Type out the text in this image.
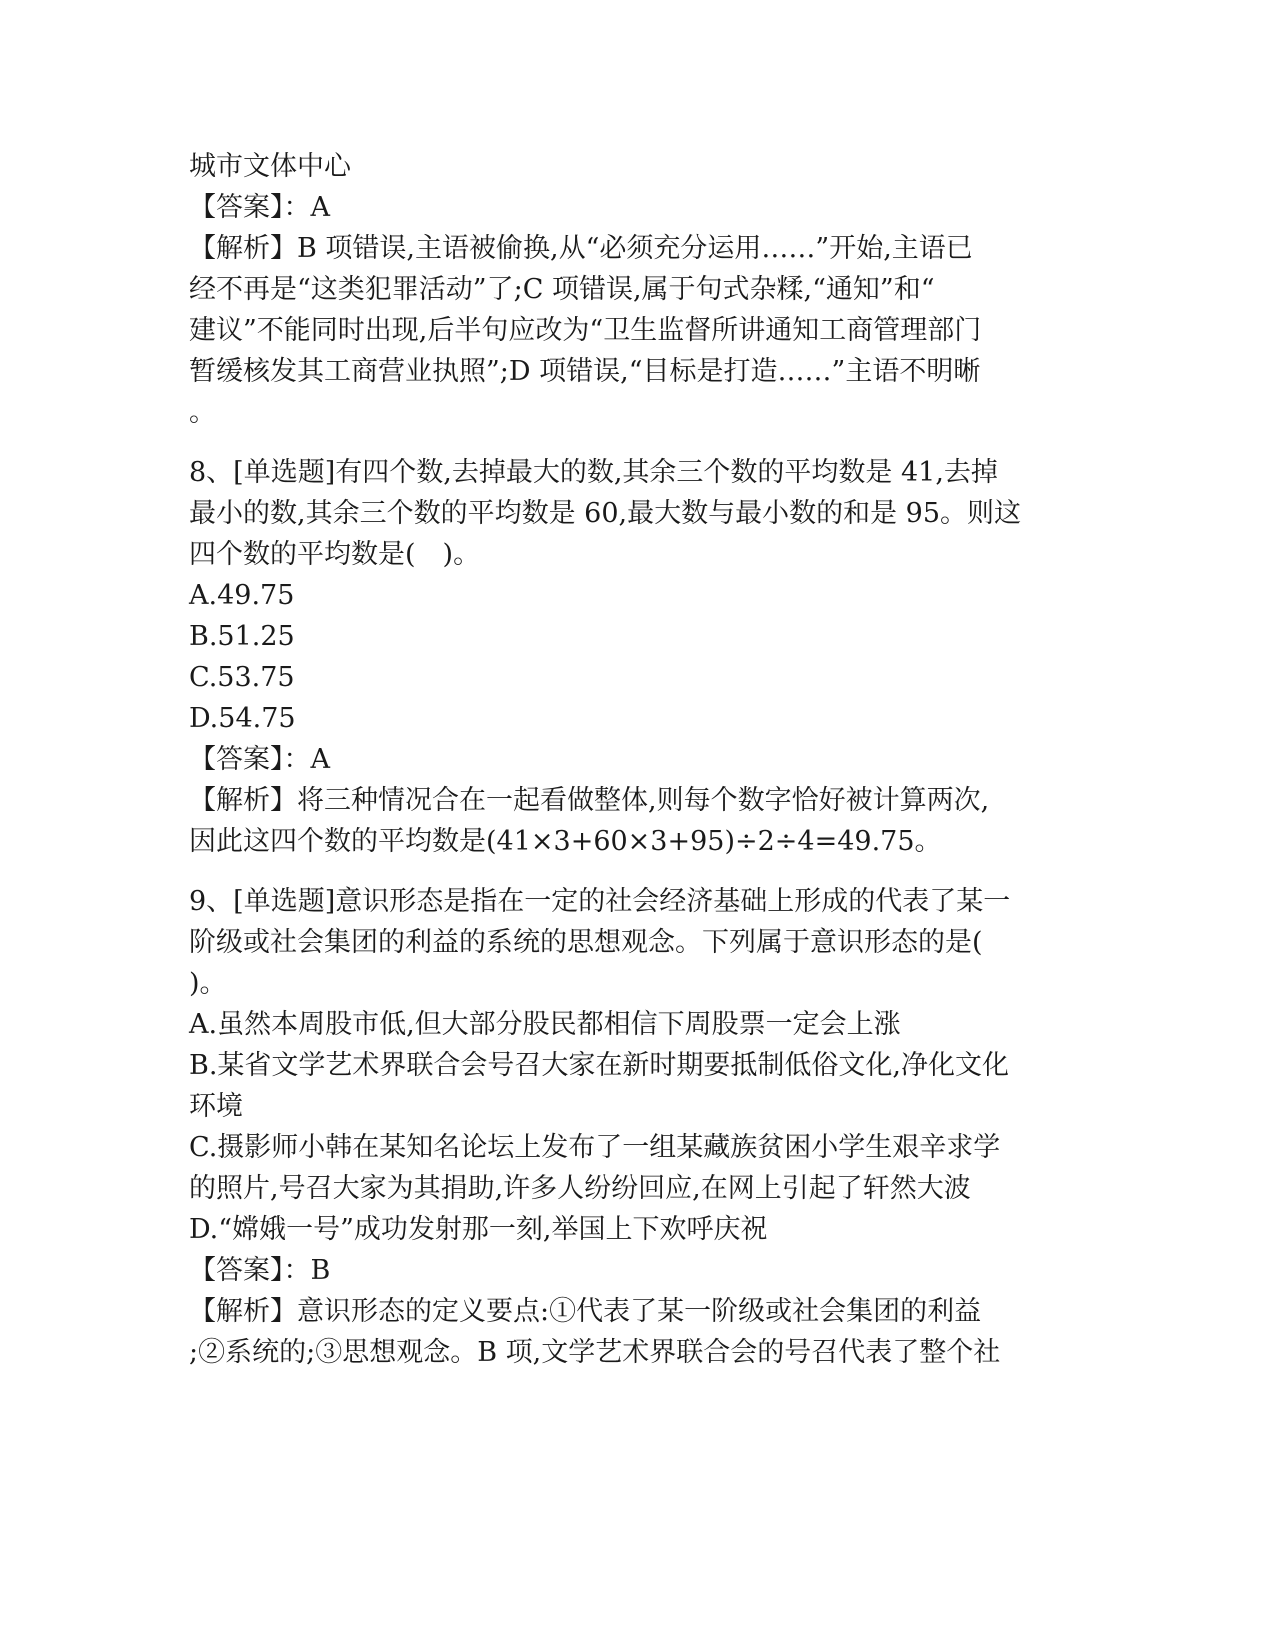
城市文体中心
【答案】：A
【解析】B 项错误,主语被偷换,从“必须充分运用……”开始,主语已
经不再是“这类犯罪活动”了;C 项错误,属于句式杂糅,“通知”和“
建议”不能同时出现,后半句应改为“卫生监督所讲通知工商管理部门
暂缓核发其工商营业执照”;D 项错误,“目标是打造……”主语不明晰
。
8、[单选题]有四个数,去掉最大的数,其余三个数的平均数是 41,去掉
最小的数,其余三个数的平均数是 60,最大数与最小数的和是 95。则这
四个数的平均数是(　)。
A.49.75
B.51.25
C.53.75
D.54.75
【答案】：A
【解析】将三种情况合在一起看做整体,则每个数字恰好被计算两次,
因此这四个数的平均数是(41×3+60×3+95)÷2÷4=49.75。
9、[单选题]意识形态是指在一定的社会经济基础上形成的代表了某一
阶级或社会集团的利益的系统的思想观念。下列属于意识形态的是(
)。
A.虽然本周股市低,但大部分股民都相信下周股票一定会上涨
B.某省文学艺术界联合会号召大家在新时期要抵制低俗文化,净化文化
环境
C.摄影师小韩在某知名论坛上发布了一组某藏族贫困小学生艰辛求学
的照片,号召大家为其捐助,许多人纷纷回应,在网上引起了轩然大波
D.“嫦娥一号”成功发射那一刻,举国上下欢呼庆祝
【答案】：B
【解析】意识形态的定义要点:①代表了某一阶级或社会集团的利益
;②系统的;③思想观念。B 项,文学艺术界联合会的号召代表了整个社
